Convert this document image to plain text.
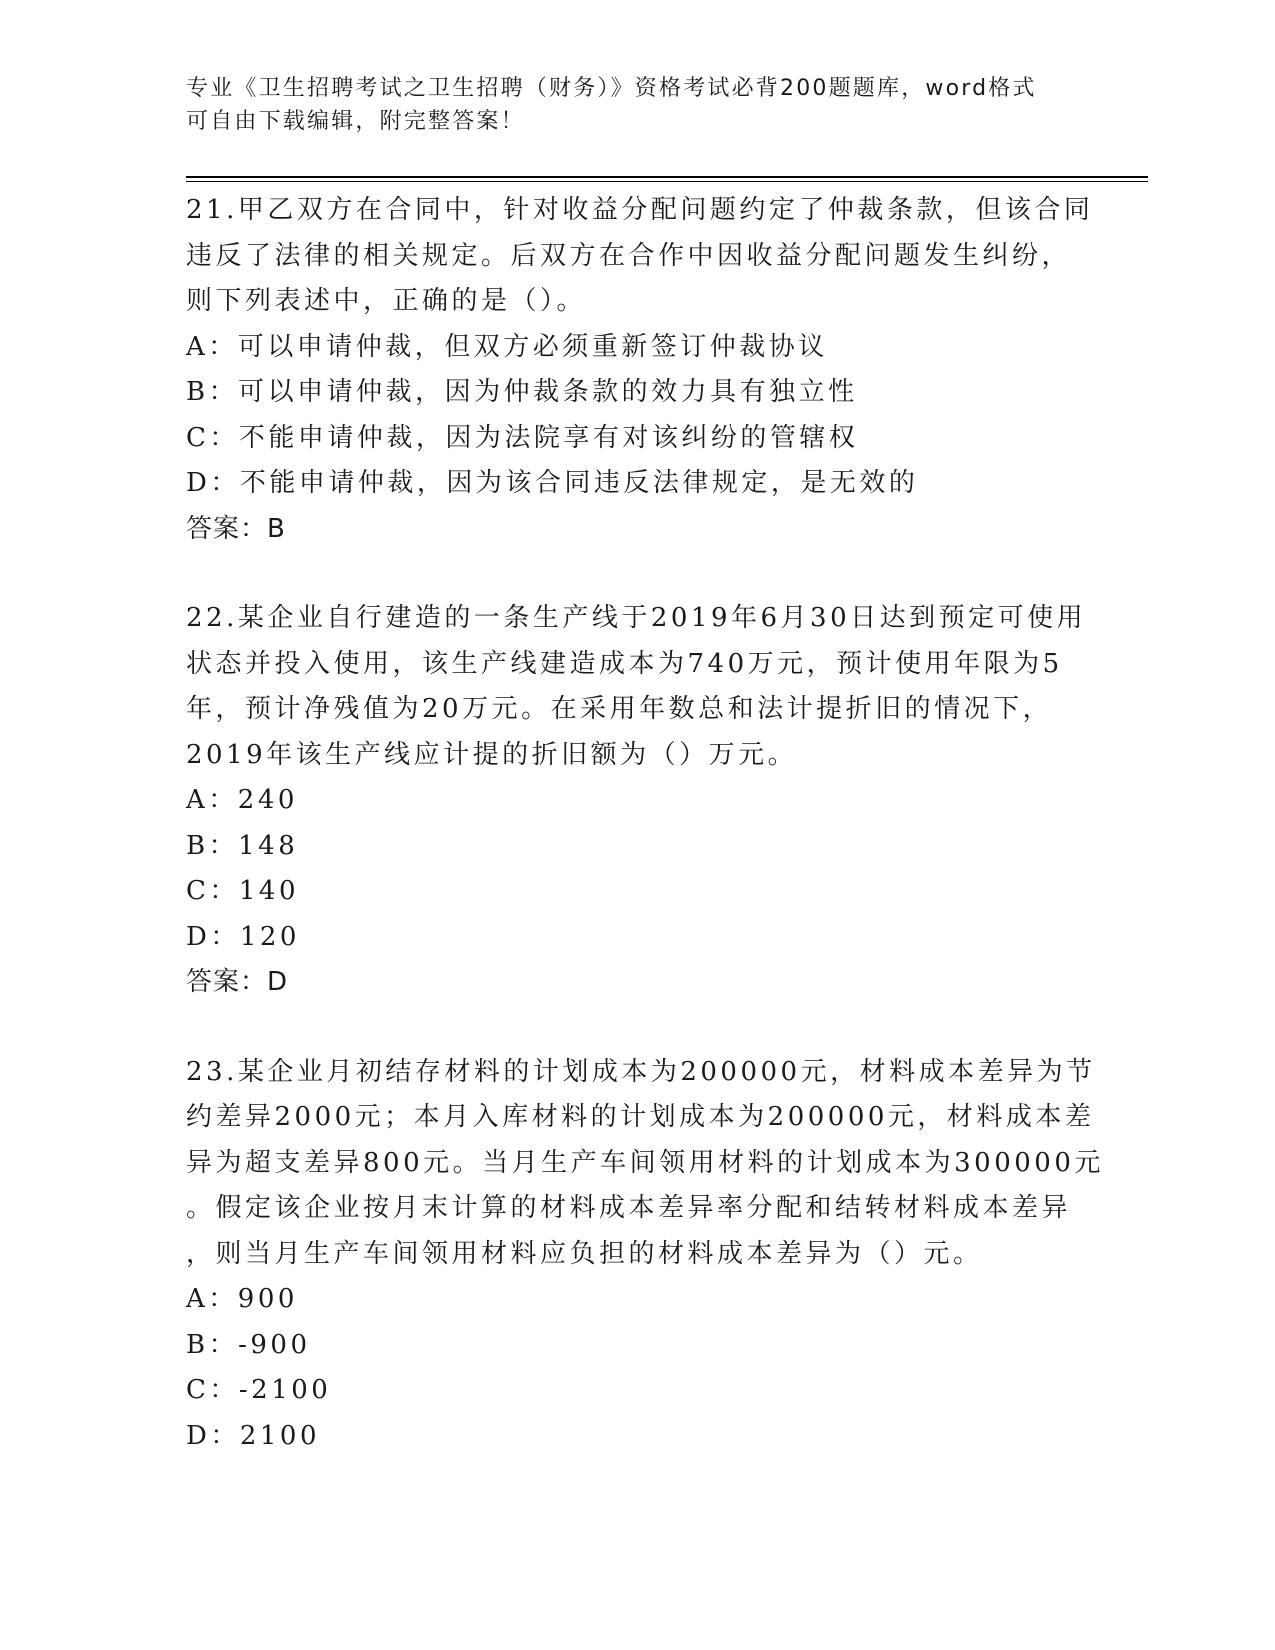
专业《卫生招聘考试之卫生招聘（财务）》资格考试必背200题题库，word格式

可自由下载编辑，附完整答案！

21.甲乙双方在合同中，针对收益分配问题约定了仲裁条款，但该合同

违反了法律的相关规定。后双方在合作中因收益分配问题发生纠纷，

则下列表述中，正确的是（）。

A：可以申请仲裁，但双方必须重新签订仲裁协议

B：可以申请仲裁，因为仲裁条款的效力具有独立性

C：不能申请仲裁，因为法院享有对该纠纷的管辖权

D：不能申请仲裁，因为该合同违反法律规定，是无效的

答案：B

22.某企业自行建造的一条生产线于2019年6月30日达到预定可使用

状态并投入使用，该生产线建造成本为740万元，预计使用年限为5

年，预计净残值为20万元。在采用年数总和法计提折旧的情况下，

2019年该生产线应计提的折旧额为（）万元。

A：240

B：148

C：140

D：120

答案：D

23.某企业月初结存材料的计划成本为200000元，材料成本差异为节

约差异2000元；本月入库材料的计划成本为200000元，材料成本差

异为超支差异800元。当月生产车间领用材料的计划成本为300000元

。假定该企业按月末计算的材料成本差异率分配和结转材料成本差异

，则当月生产车间领用材料应负担的材料成本差异为（）元。

A：900

B：-900

C：-2100

D：2100
